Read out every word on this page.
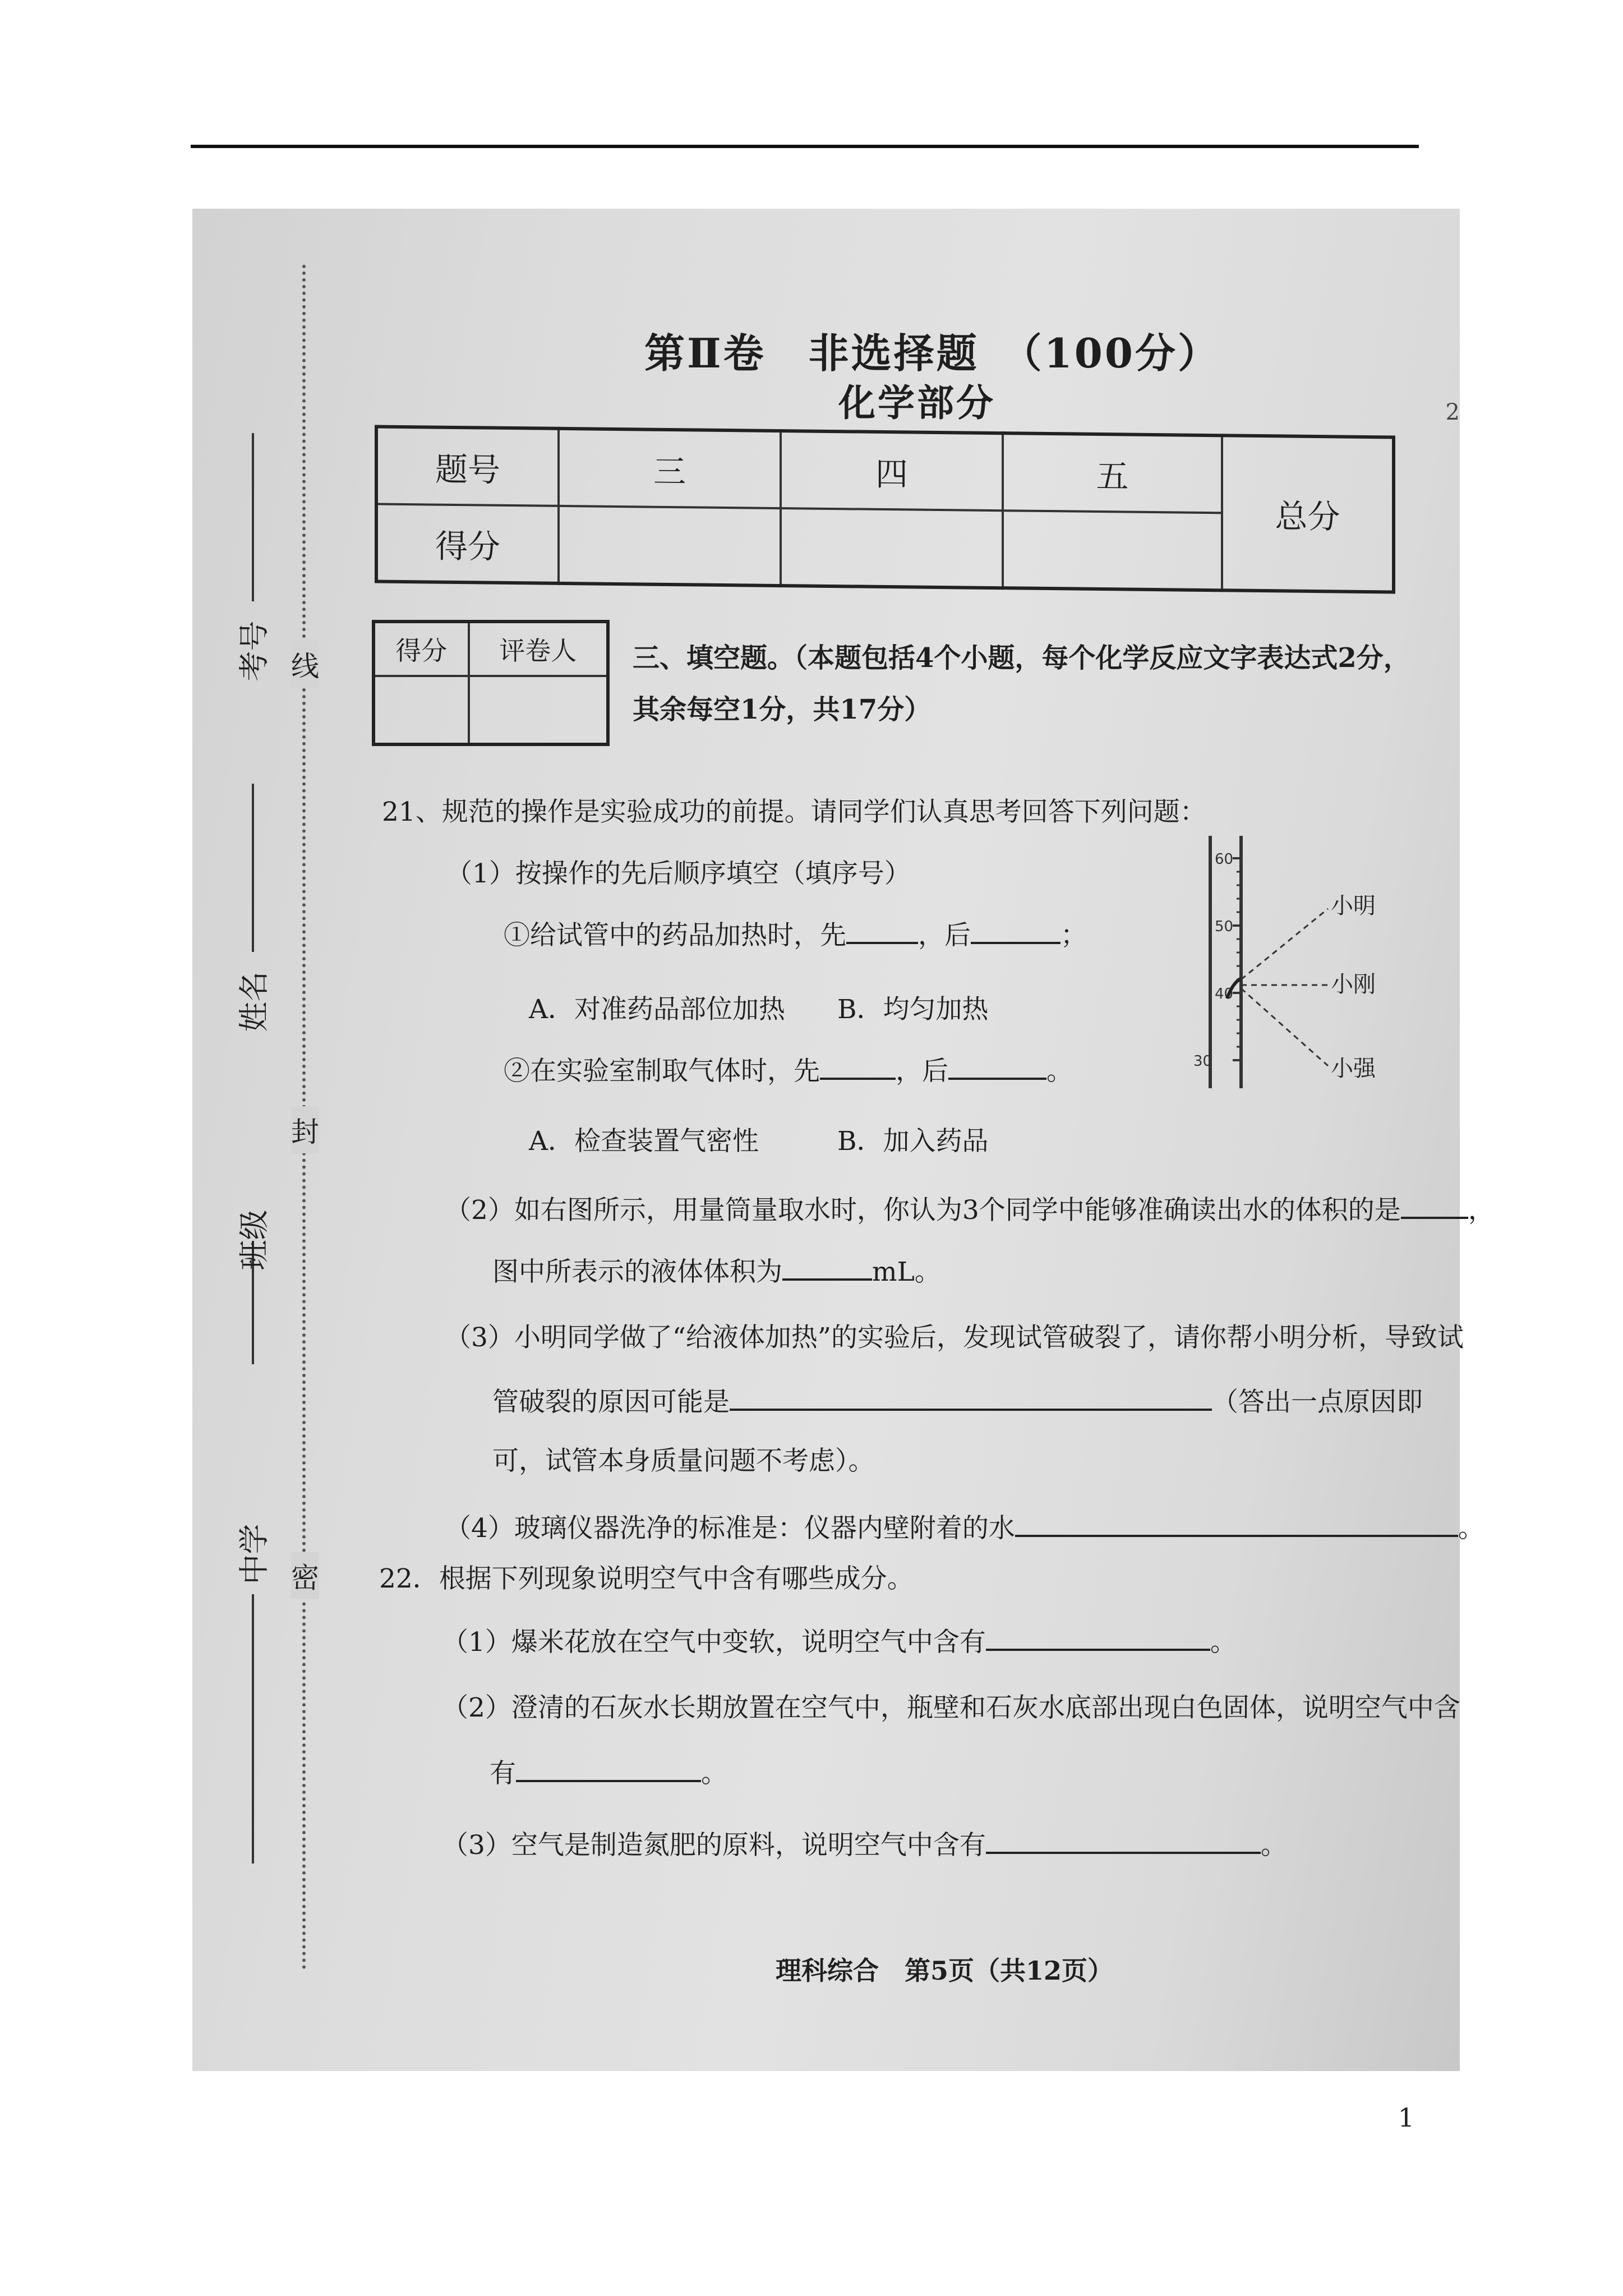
线
封
密
考号
姓名
班级
中学
第Ⅱ卷　非选择题　（100分）
化学部分	2
题号	三	四	五	总分
得分				
得分	评卷人
	三、填空题。（本题包括4个小题，每个化学反应文字表达式2分，其余每空1分，共17分）
21、规范的操作是实验成功的前提。请同学们认真思考回答下列问题：
（1）按操作的先后顺序填空（填序号）
①给试管中的药品加热时，先	，后	；
A．对准药品部位加热 B．均匀加热
②在实验室制取气体时，先	，后	。
A．检查装置气密性	B．加入药品
（2）如右图所示，用量筒量取水时，你认为3个同学中能够准确读出水的体积的是	，
图中所表示的液体体积为	mL。
（3）小明同学做了“给液体加热”的实验后，发现试管破裂了，请你帮小明分析，导致试
管破裂的原因可能是	（答出一点原因即
可，试管本身质量问题不考虑）。
（4）玻璃仪器洗净的标准是：仪器内壁附着的水	。
22．根据下列现象说明空气中含有哪些成分。
（1）爆米花放在空气中变软，说明空气中含有	。
（2）澄清的石灰水长期放置在空气中，瓶壁和石灰水底部出现白色固体，说明空气中含
有	。
（3）空气是制造氮肥的原料，说明空气中含有	。
60
50
40
30
小明
小刚
小强
理科综合　第5页（共12页）
1
